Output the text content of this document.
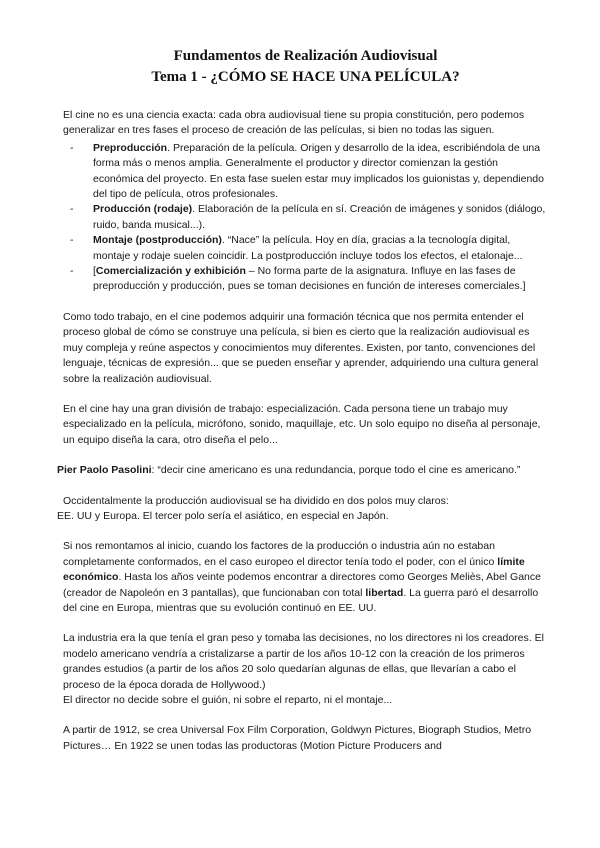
Fundamentos de Realización Audiovisual

Tema 1 - ¿CÓMO SE HACE UNA PELÍCULA?

El cine no es una ciencia exacta: cada obra audiovisual tiene su propia constitución, pero podemos generalizar en tres fases el proceso de creación de las películas, si bien no todas las siguen.

- Preproducción. Preparación de la película. Origen y desarrollo de la idea, escribiéndola de una forma más o menos amplia. Generalmente el productor y director comienzan la gestión económica del proyecto. En esta fase suelen estar muy implicados los guionistas y, dependiendo del tipo de película, otros profesionales.
- Producción (rodaje). Elaboración de la película en sí. Creación de imágenes y sonidos (diálogo, ruido, banda musical...).
- Montaje (postproducción). “Nace” la película. Hoy en día, gracias a la tecnología digital, montaje y rodaje suelen coincidir. La postproducción incluye todos los efectos, el etalonaje...
- [Comercialización y exhibición – No forma parte de la asignatura. Influye en las fases de preproducción y producción, pues se toman decisiones en función de intereses comerciales.]

Como todo trabajo, en el cine podemos adquirir una formación técnica que nos permita entender el proceso global de cómo se construye una película, si bien es cierto que la realización audiovisual es muy compleja y reúne aspectos y conocimientos muy diferentes. Existen, por tanto, convenciones del lenguaje, técnicas de expresión... que se pueden enseñar y aprender, adquiriendo una cultura general sobre la realización audiovisual.

En el cine hay una gran división de trabajo: especialización. Cada persona tiene un trabajo muy especializado en la película, micrófono, sonido, maquillaje, etc. Un solo equipo no diseña al personaje, un equipo diseña la cara, otro diseña el pelo...

Pier Paolo Pasolini: “decir cine americano es una redundancia, porque todo el cine es americano.”

Occidentalmente la producción audiovisual se ha dividido en dos polos muy claros:

EE. UU y Europa. El tercer polo sería el asiático, en especial en Japón.

Si nos remontamos al inicio, cuando los factores de la producción o industria aún no estaban completamente conformados, en el caso europeo el director tenía todo el poder, con el único límite económico. Hasta los años veinte podemos encontrar a directores como Georges Meliès, Abel Gance (creador de Napoleón en 3 pantallas), que funcionaban con total libertad. La guerra paró el desarrollo del cine en Europa, mientras que su evolución continuó en EE. UU.

La industria era la que tenía el gran peso y tomaba las decisiones, no los directores ni los creadores. El modelo americano vendría a cristalizarse a partir de los años 10-12 con la creación de los primeros grandes estudios (a partir de los años 20 solo quedarían algunas de ellas, que llevarían a cabo el proceso de la época dorada de Hollywood.)

El director no decide sobre el guión, ni sobre el reparto, ni el montaje...

A partir de 1912, se crea Universal Fox Film Corporation, Goldwyn Pictures, Biograph Studios, Metro Pictures… En 1922 se unen todas las productoras (Motion Picture Producers and
